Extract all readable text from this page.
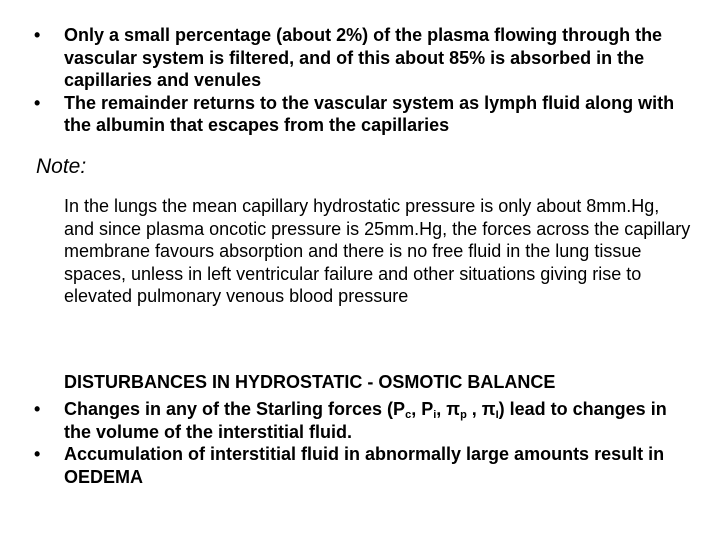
• Only a small percentage (about 2%) of the plasma flowing through the vascular system is filtered, and of this about 85% is absorbed in the capillaries and venules
• The remainder returns to the vascular system as lymph fluid along with the albumin that escapes from the capillaries
Note:
In the lungs the mean capillary hydrostatic pressure is only about 8mm.Hg, and since plasma oncotic pressure is 25mm.Hg, the forces across the capillary membrane favours absorption and there is no free fluid in the lung tissue spaces, unless in left ventricular failure and other situations giving rise to elevated pulmonary venous blood pressure
DISTURBANCES IN HYDROSTATIC - OSMOTIC BALANCE
• Changes in any of the Starling forces ($P_c$, $P_i$, $\pi_p$ , $\pi_I$) lead to changes in the volume of the interstitial fluid.
• Accumulation of interstitial fluid in abnormally large amounts result in OEDEMA
